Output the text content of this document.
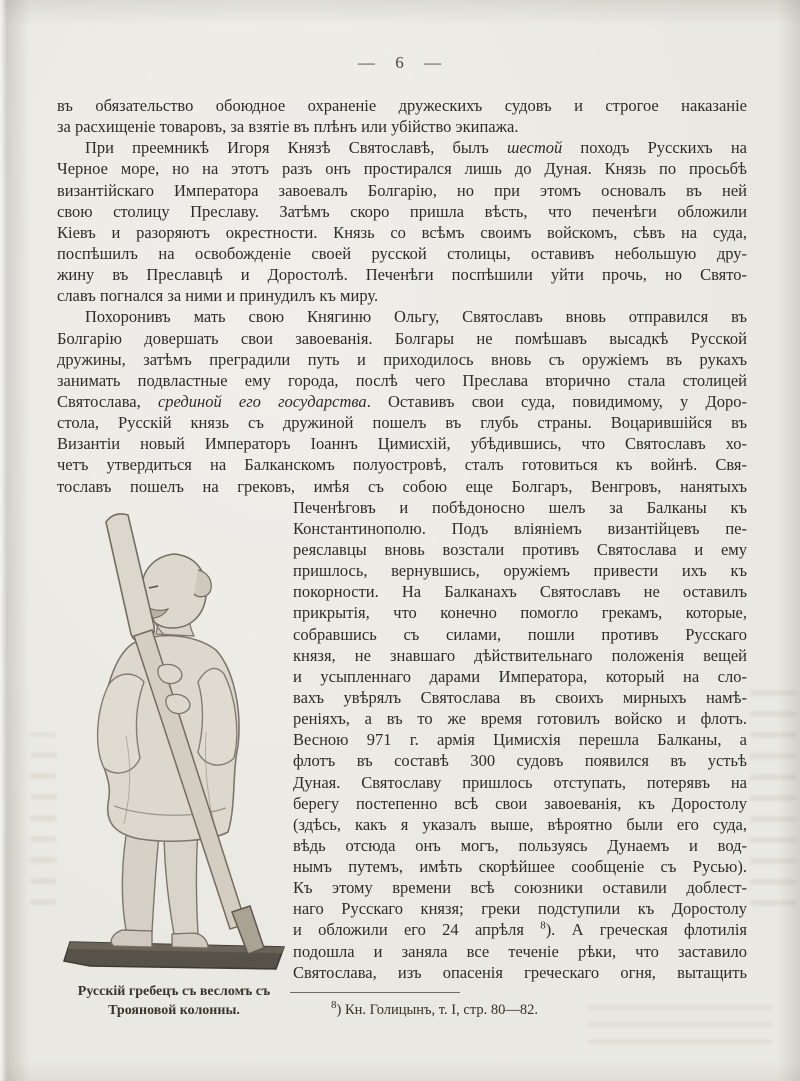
— 6 —
въ обязательство обоюдное охраненіе дружескихъ судовъ и строгое наказаніе
за расхищеніе товаровъ, за взятіе въ плѣнъ или убійство экипажа.
При преемникѣ Игоря Князѣ Святославѣ, былъ шестой походъ Русскихъ на
Черное море, но на этотъ разъ онъ простирался лишь до Дуная. Князь по просьбѣ
византійскаго Императора завоевалъ Болгарію, но при этомъ основалъ въ ней
свою столицу Преславу. Затѣмъ скоро пришла вѣсть, что печенѣги обложили
Кіевъ и разоряютъ окрестности. Князь со всѣмъ своимъ войскомъ, сѣвъ на суда,
поспѣшилъ на освобожденіе своей русской столицы, оставивъ небольшую дру-
жину въ Преславцѣ и Доростолѣ. Печенѣги поспѣшили уйти прочь, но Свято-
славъ погнался за ними и принудилъ къ миру.
Похоронивъ мать свою Княгиню Ольгу, Святославъ вновь отправился въ
Болгарію довершать свои завоеванія. Болгары не помѣшавъ высадкѣ Русской
дружины, затѣмъ преградили путь и приходилось вновь съ оружіемъ въ рукахъ
занимать подвластные ему города, послѣ чего Преслава вторично стала столицей
Святослава, срединой его государства. Оставивъ свои суда, повидимому, у Доро-
стола, Русскій князь съ дружиной пошелъ въ глубь страны. Воцарившійся въ
Византіи новый Императоръ Іоаннъ Цимисхій, убѣдившись, что Святославъ хо-
четъ утвердиться на Балканскомъ полуостровѣ, сталъ готовиться къ войнѣ. Свя-
тославъ пошелъ на грековъ, имѣя съ собою еще Болгаръ, Венгровъ, нанятыхъ
Печенѣговъ и побѣдоносно шелъ за Балканы къ
Константинополю. Подъ вліяніемъ византійцевъ пе-
реяславцы вновь возстали противъ Святослава и ему
пришлось, вернувшись, оружіемъ привести ихъ къ
покорности. На Балканахъ Святославъ не оставилъ
прикрытія, что конечно помогло грекамъ, которые,
собравшись съ силами, пошли противъ Русскаго
князя, не знавшаго дѣйствительнаго положенія вещей
и усыпленнаго дарами Императора, который на сло-
вахъ увѣрялъ Святослава въ своихъ мирныхъ намѣ-
реніяхъ, а въ то же время готовилъ войско и флотъ.
Весною 971 г. армія Цимисхія перешла Балканы, а
флотъ въ составѣ 300 судовъ появился въ устьѣ
Дуная. Святославу пришлось отступать, потерявъ на
берегу постепенно всѣ свои завоеванія, къ Доростолу
(здѣсь, какъ я указалъ выше, вѣроятно были его суда,
вѣдь отсюда онъ могъ, пользуясь Дунаемъ и вод-
нымъ путемъ, имѣть скорѣйшее сообщеніе съ Русью).
Къ этому времени всѣ союзники оставили доблест-
наго Русскаго князя; греки подступили къ Доростолу
и обложили его 24 апрѣля $^8$). А греческая флотилія
подошла и заняла все теченіе рѣки, что заставило
Святослава, изъ опасенія греческаго огня, вытащить
Русскій гребецъ съ весломъ съ
Трояновой колонны.	$^8$) Кн. Голицынъ, т. I, стр. 80—82.
